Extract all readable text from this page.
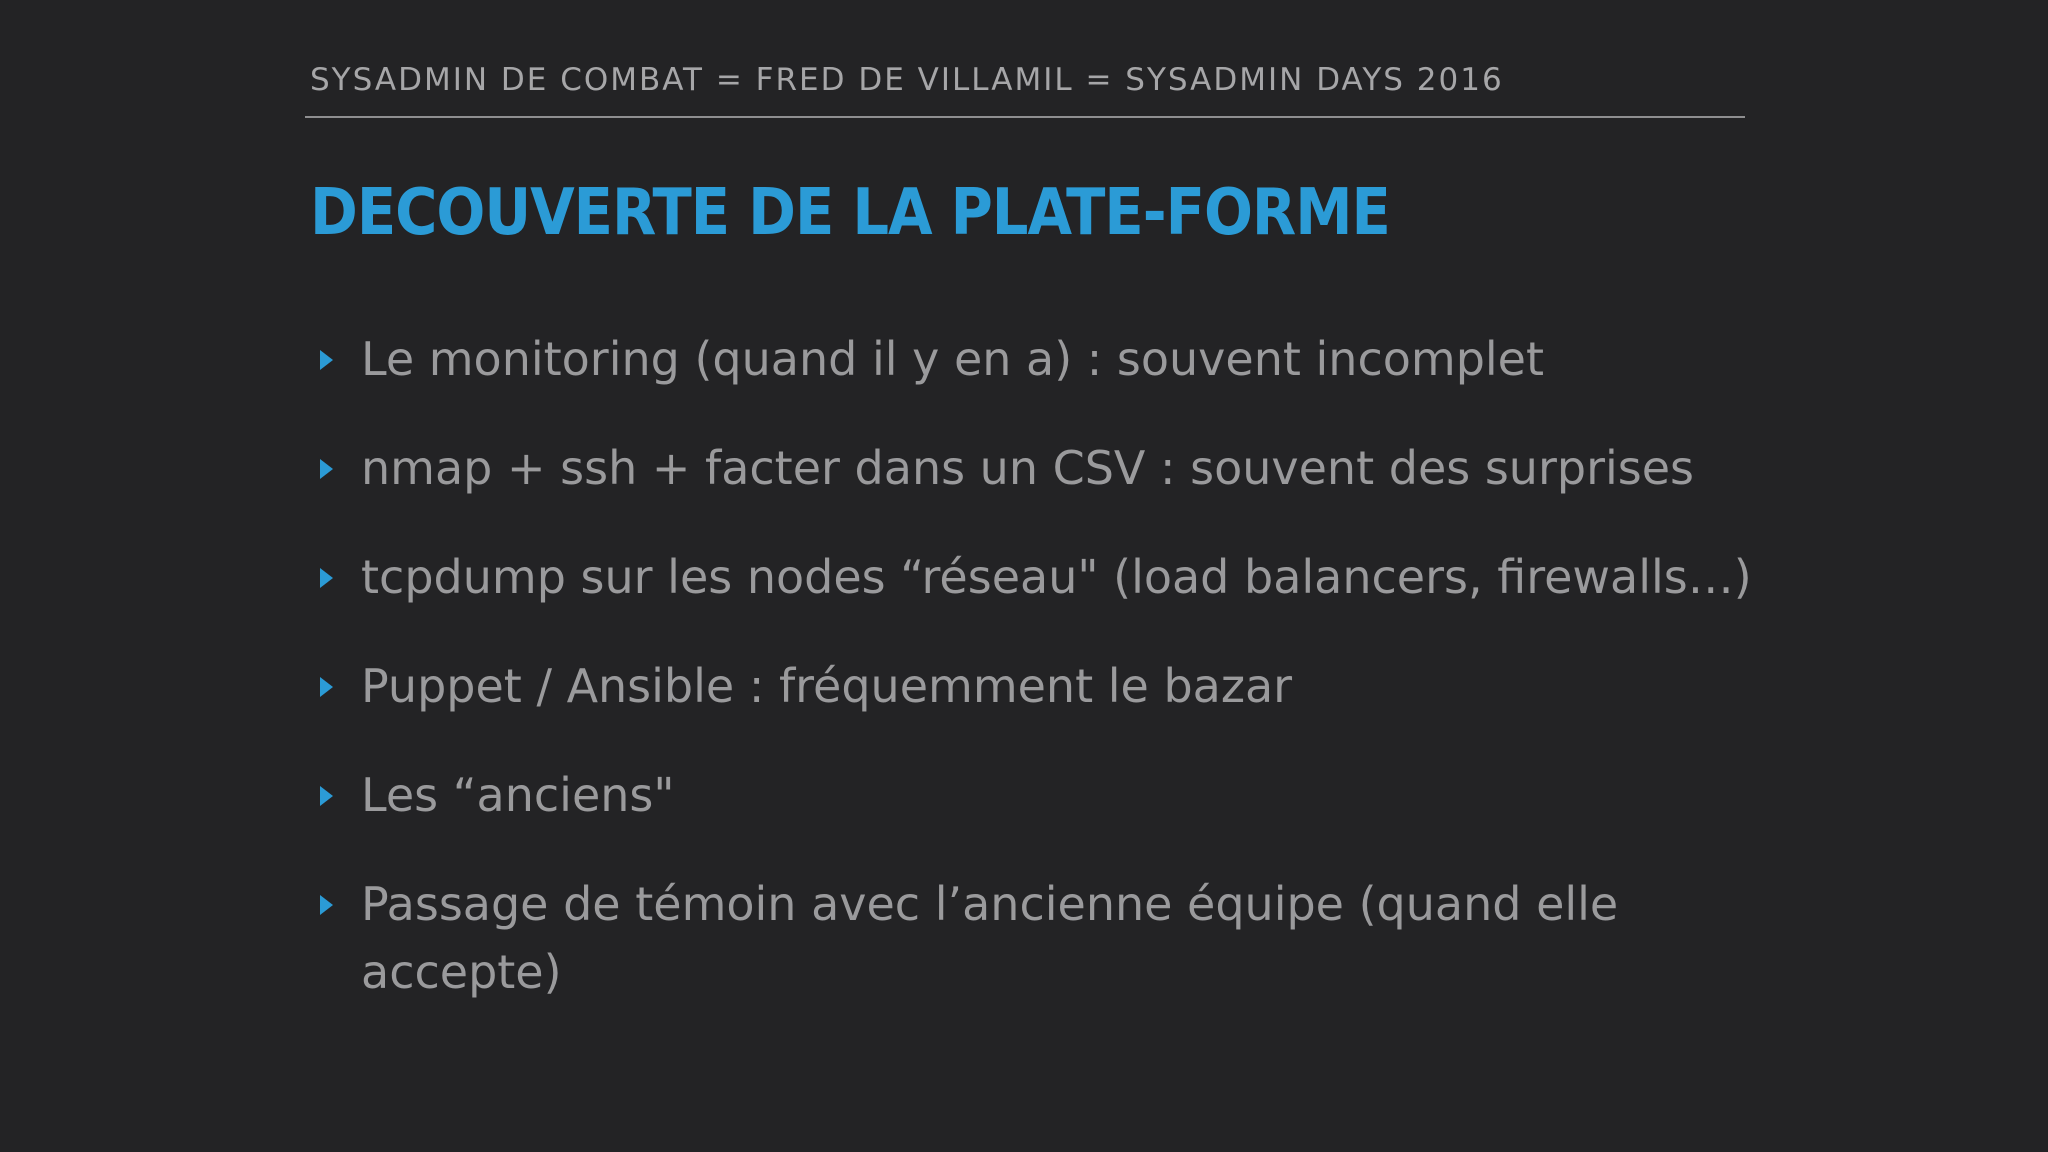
SYSADMIN DE COMBAT = FRED DE VILLAMIL = SYSADMIN DAYS 2016
DECOUVERTE DE LA PLATE-FORME
Le monitoring (quand il y en a) : souvent incomplet
nmap + ssh + facter dans un CSV : souvent des surprises
tcpdump sur les nodes “réseau" (load balancers, firewalls…)
Puppet / Ansible : fréquemment le bazar
Les “anciens"
Passage de témoin avec l’ancienne équipe (quand elle accepte)
